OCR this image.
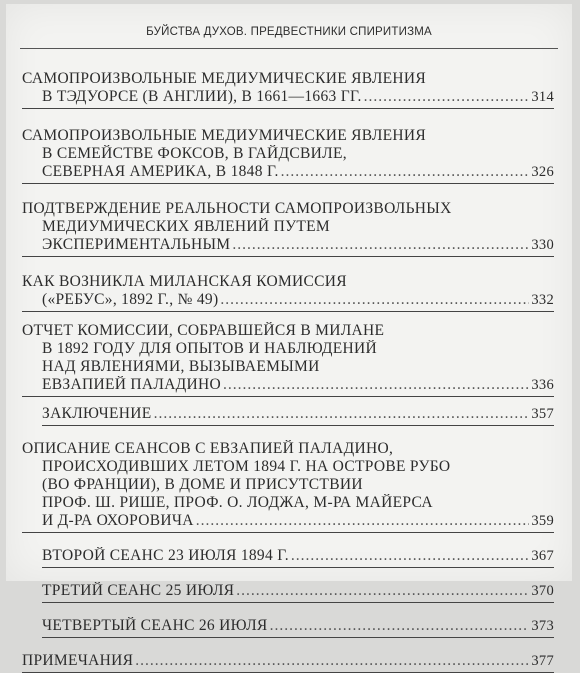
БУЙСТВА ДУХОВ. ПРЕДВЕСТНИКИ СПИРИТИЗМА
САМОПРОИЗВОЛЬНЫЕ МЕДИУМИЧЕСКИЕ ЯВЛЕНИЯ
В ТЭДУОРСЕ (В АНГЛИИ), В 1661—1663 ГГ. .....	314
САМОПРОИЗВОЛЬНЫЕ МЕДИУМИЧЕСКИЕ ЯВЛЕНИЯ
В СЕМЕЙСТВЕ ФОКСОВ, В ГАЙДСВИЛЕ,
СЕВЕРНАЯ АМЕРИКА, В 1848 Г. .....	326
ПОДТВЕРЖДЕНИЕ РЕАЛЬНОСТИ САМОПРОИЗВОЛЬНЫХ
МЕДИУМИЧЕСКИХ ЯВЛЕНИЙ ПУТЕМ
ЭКСПЕРИМЕНТАЛЬНЫМ .....	330
КАК ВОЗНИКЛА МИЛАНСКАЯ КОМИССИЯ
(«РЕБУС», 1892 Г., № 49) .....	332
ОТЧЕТ КОМИССИИ, СОБРАВШЕЙСЯ В МИЛАНЕ
В 1892 ГОДУ ДЛЯ ОПЫТОВ И НАБЛЮДЕНИЙ
НАД ЯВЛЕНИЯМИ, ВЫЗЫВАЕМЫМИ
ЕВЗАПИЕЙ ПАЛАДИНО .....	336
ЗАКЛЮЧЕНИЕ .....	357
ОПИСАНИЕ СЕАНСОВ С ЕВЗАПИЕЙ ПАЛАДИНО,
ПРОИСХОДИВШИХ ЛЕТОМ 1894 Г. НА ОСТРОВЕ РУБО
(ВО ФРАНЦИИ), В ДОМЕ И ПРИСУТСТВИИ
ПРОФ. Ш. РИШЕ, ПРОФ. О. ЛОДЖА, М-РА МАЙЕРСА
И Д-РА ОХОРОВИЧА .....	359
ВТОРОЙ СЕАНС 23 ИЮЛЯ 1894 Г. .....	367
ТРЕТИЙ СЕАНС 25 ИЮЛЯ .....	370
ЧЕТВЕРТЫЙ СЕАНС 26 ИЮЛЯ .....	373
ПРИМЕЧАНИЯ .....	377
